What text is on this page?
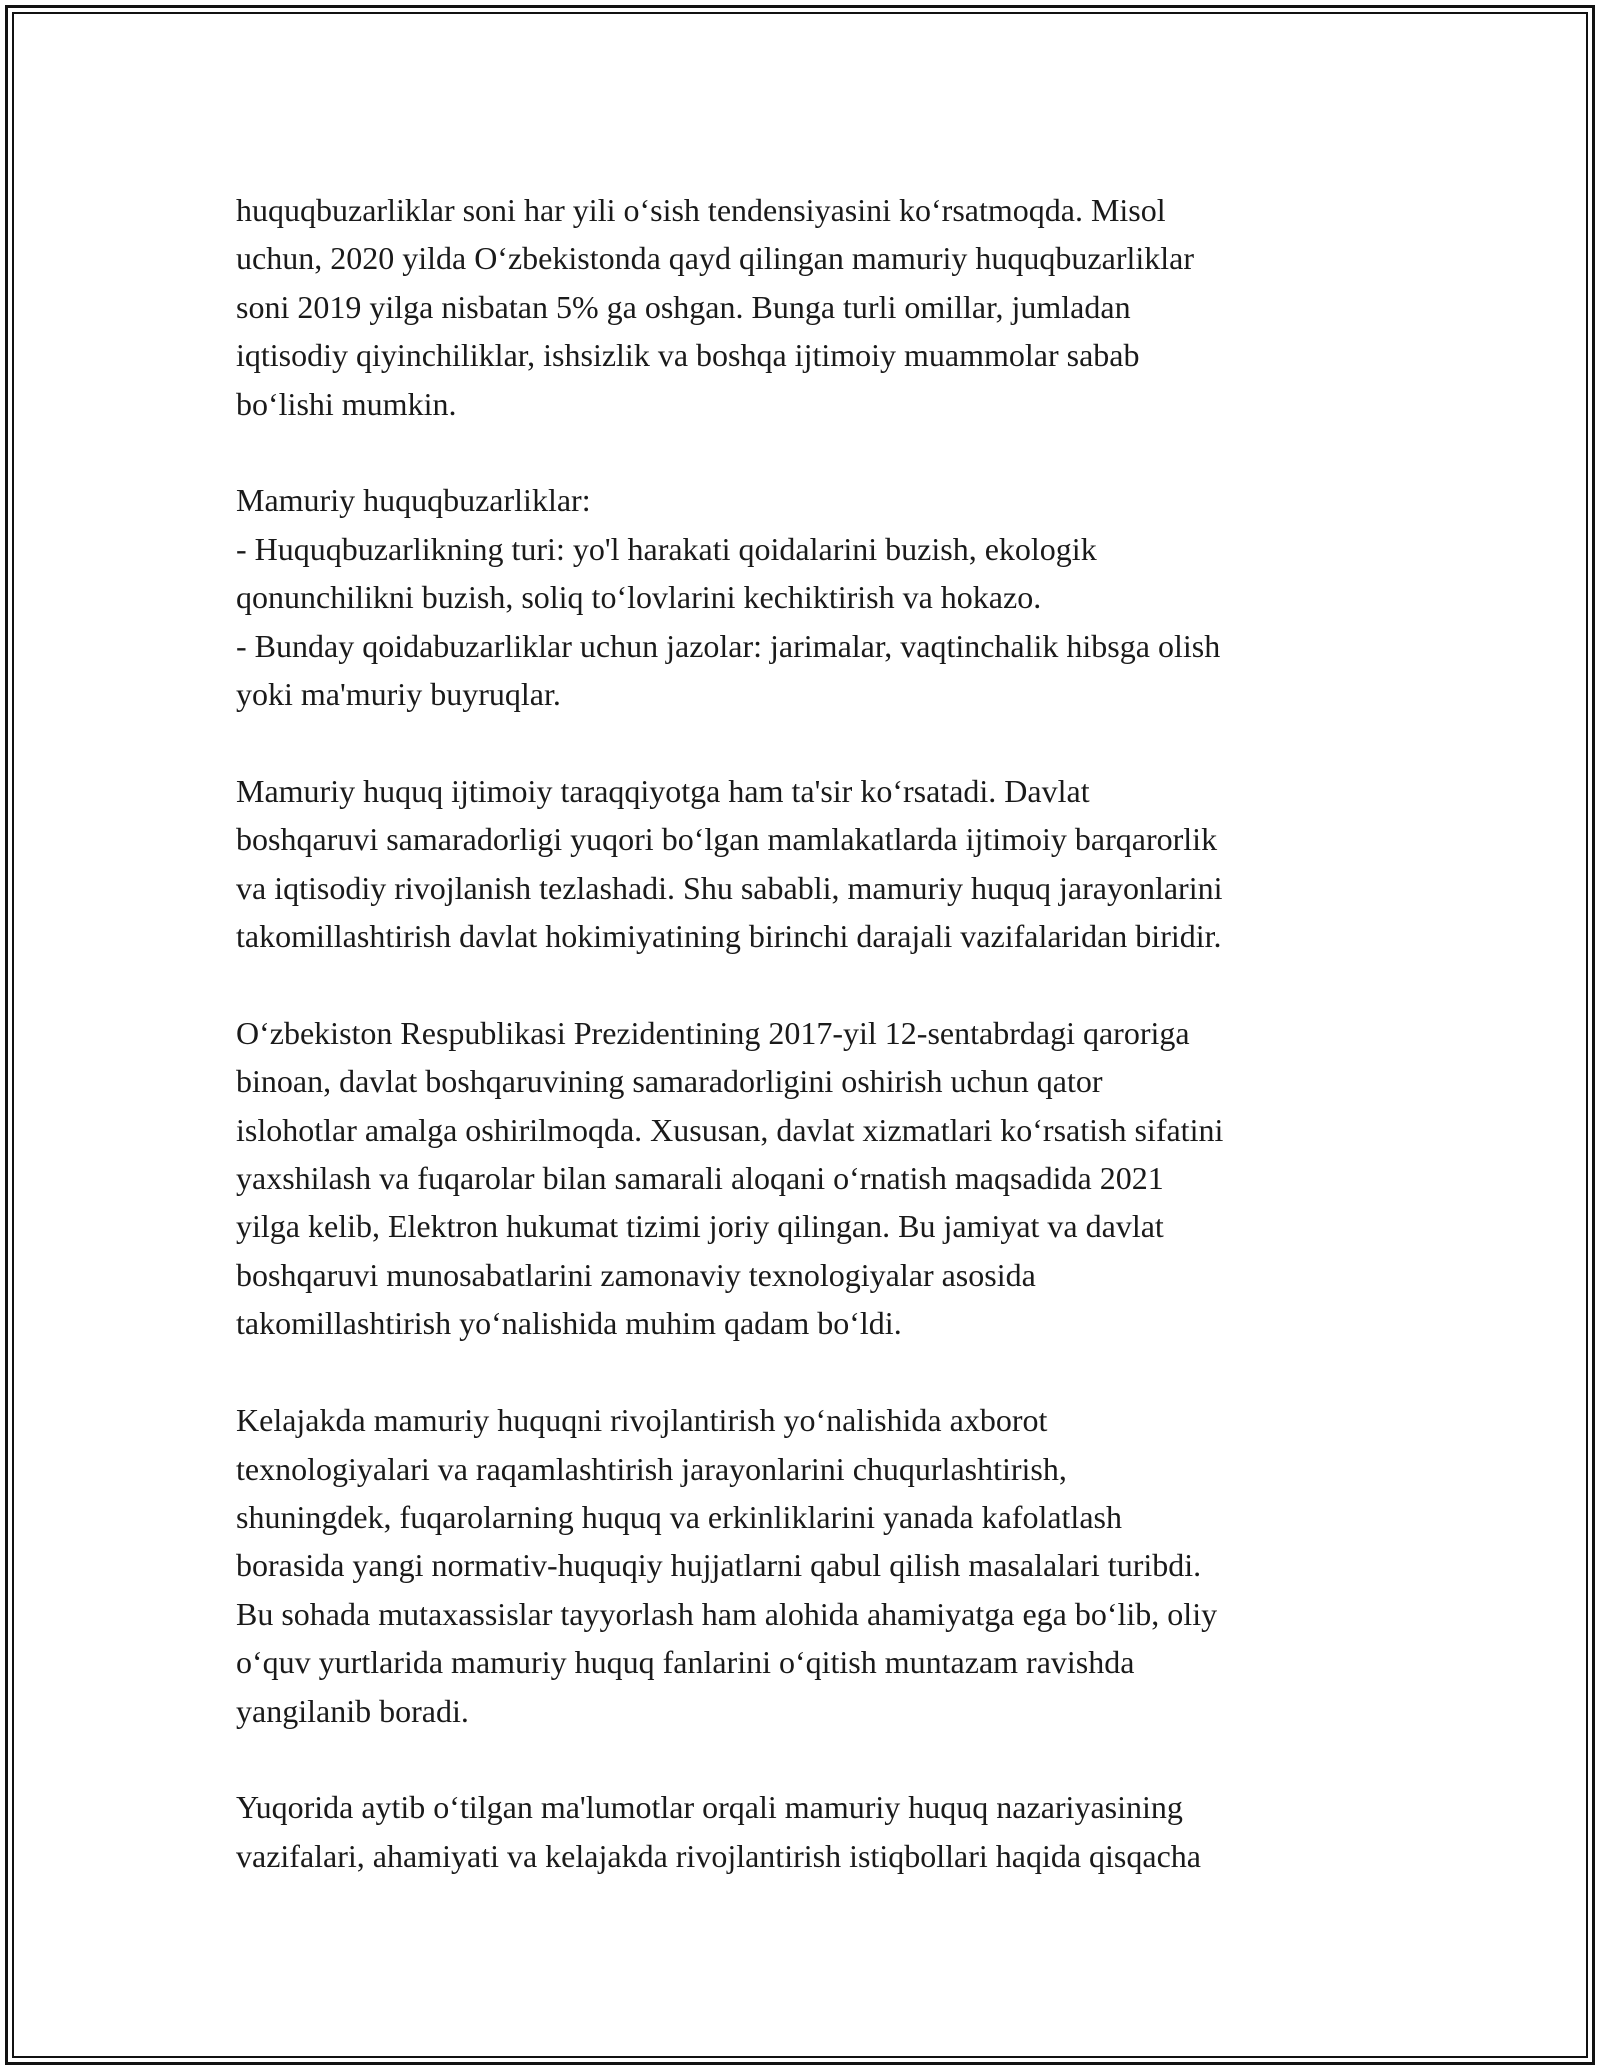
huquqbuzarliklar soni har yili o‘sish tendensiyasini ko‘rsatmoqda. Misol
uchun, 2020 yilda O‘zbekistonda qayd qilingan mamuriy huquqbuzarliklar
soni 2019 yilga nisbatan 5% ga oshgan. Bunga turli omillar, jumladan
iqtisodiy qiyinchiliklar, ishsizlik va boshqa ijtimoiy muammolar sabab
bo‘lishi mumkin.

Mamuriy huquqbuzarliklar:
- Huquqbuzarlikning turi: yo'l harakati qoidalarini buzish, ekologik
qonunchilikni buzish, soliq to‘lovlarini kechiktirish va hokazo.
- Bunday qoidabuzarliklar uchun jazolar: jarimalar, vaqtinchalik hibsga olish
yoki ma'muriy buyruqlar.

Mamuriy huquq ijtimoiy taraqqiyotga ham ta'sir ko‘rsatadi. Davlat
boshqaruvi samaradorligi yuqori bo‘lgan mamlakatlarda ijtimoiy barqarorlik
va iqtisodiy rivojlanish tezlashadi. Shu sababli, mamuriy huquq jarayonlarini
takomillashtirish davlat hokimiyatining birinchi darajali vazifalaridan biridir.

O‘zbekiston Respublikasi Prezidentining 2017-yil 12-sentabrdagi qaroriga
binoan, davlat boshqaruvining samaradorligini oshirish uchun qator
islohotlar amalga oshirilmoqda. Xususan, davlat xizmatlari ko‘rsatish sifatini
yaxshilash va fuqarolar bilan samarali aloqani o‘rnatish maqsadida 2021
yilga kelib, Elektron hukumat tizimi joriy qilingan. Bu jamiyat va davlat
boshqaruvi munosabatlarini zamonaviy texnologiyalar asosida
takomillashtirish yo‘nalishida muhim qadam bo‘ldi.

Kelajakda mamuriy huquqni rivojlantirish yo‘nalishida axborot
texnologiyalari va raqamlashtirish jarayonlarini chuqurlashtirish,
shuningdek, fuqarolarning huquq va erkinliklarini yanada kafolatlash
borasida yangi normativ-huquqiy hujjatlarni qabul qilish masalalari turibdi.
Bu sohada mutaxassislar tayyorlash ham alohida ahamiyatga ega bo‘lib, oliy
o‘quv yurtlarida mamuriy huquq fanlarini o‘qitish muntazam ravishda
yangilanib boradi.

Yuqorida aytib o‘tilgan ma'lumotlar orqali mamuriy huquq nazariyasining
vazifalari, ahamiyati va kelajakda rivojlantirish istiqbollari haqida qisqacha
